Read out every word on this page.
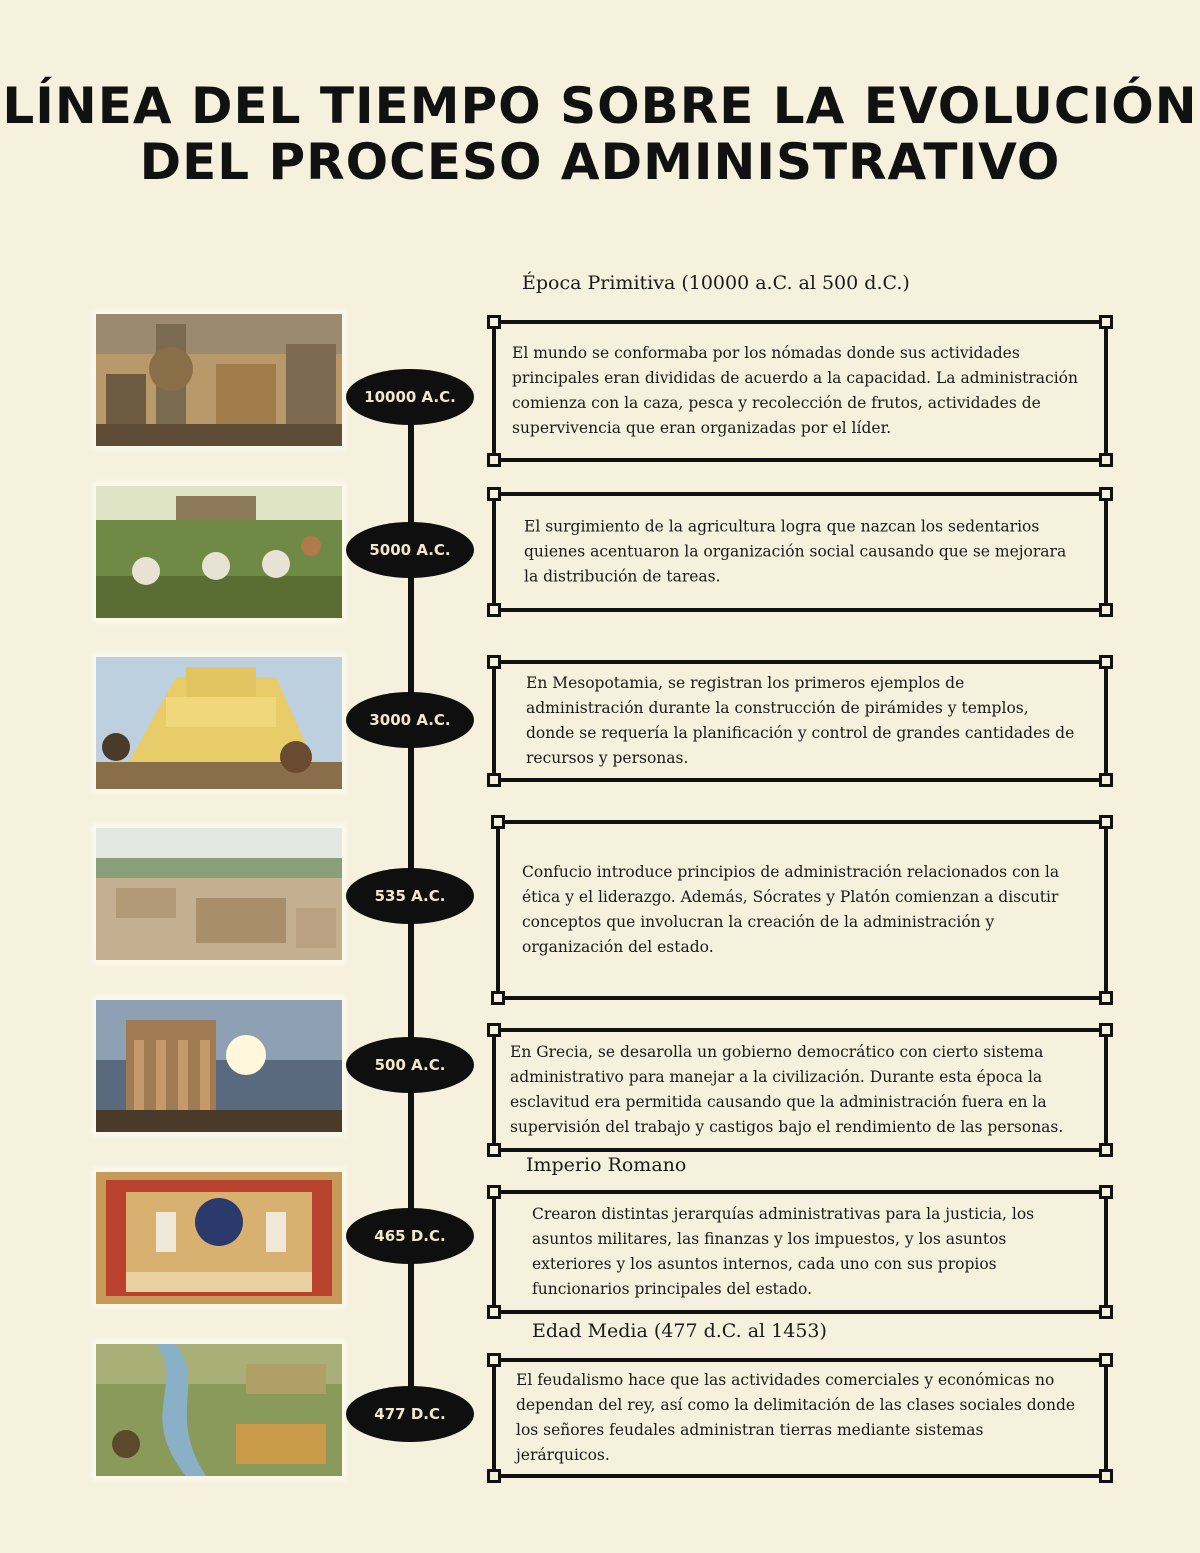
LÍNEA DEL TIEMPO SOBRE LA EVOLUCIÓN
DEL PROCESO ADMINISTRATIVO
Época Primitiva (10000 a.C. al 500 d.C.)
Imperio Romano
Edad Media (477 d.C. al 1453)
10000 A.C.
El mundo se conformaba por los nómadas donde sus actividades principales eran divididas de acuerdo a la capacidad. La administración comienza con la caza, pesca y recolección de frutos, actividades de supervivencia que eran organizadas por el líder.
5000 A.C.
El surgimiento de la agricultura logra que nazcan los sedentarios quienes acentuaron la organización social causando que se mejorara la distribución de tareas.
3000 A.C.
En Mesopotamia, se registran los primeros ejemplos de administración durante la construcción de pirámides y templos, donde se requería la planificación y control de grandes cantidades de recursos y personas.
535 A.C.
Confucio introduce principios de administración relacionados con la ética y el liderazgo. Además, Sócrates y Platón comienzan a discutir conceptos que involucran la creación de la administración y organización del estado.
500 A.C.
En Grecia, se desarolla un gobierno democrático con cierto sistema administrativo para manejar a la civilización. Durante esta época la esclavitud era permitida causando que la administración fuera en la supervisión del trabajo y castigos bajo el rendimiento de las personas.
465 D.C.
Crearon distintas jerarquías administrativas para la justicia, los asuntos militares, las finanzas y los impuestos, y los asuntos exteriores y los asuntos internos, cada uno con sus propios funcionarios principales del estado.
477 D.C.
El feudalismo hace que las actividades comerciales y económicas no dependan del rey, así como la delimitación de las clases sociales donde los señores feudales administran tierras mediante sistemas jerárquicos.
